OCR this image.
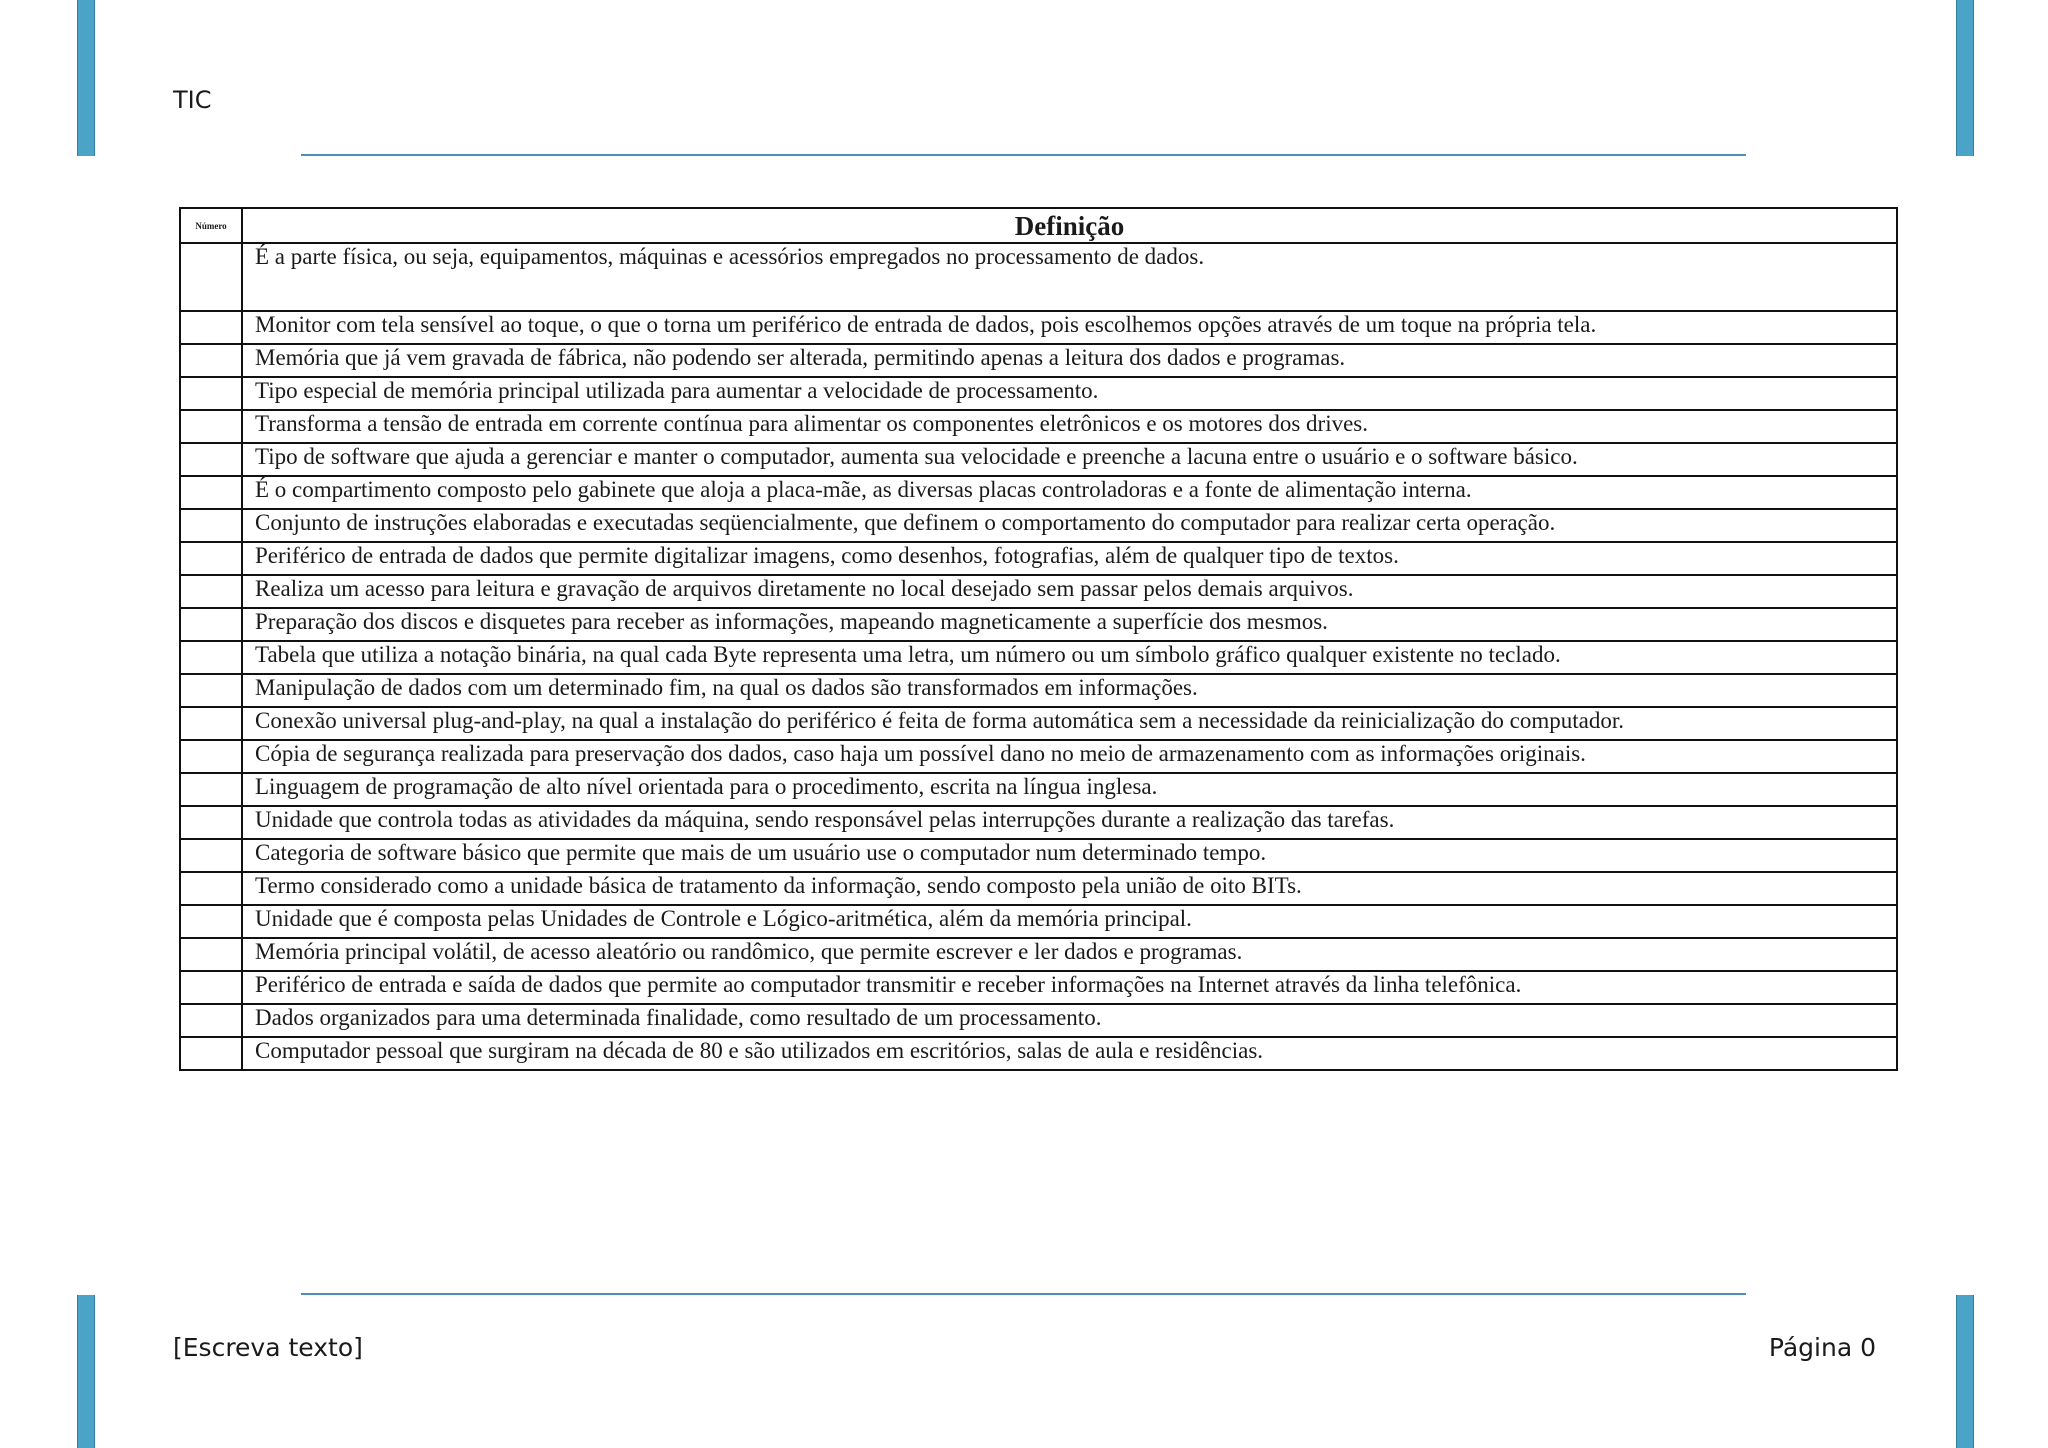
TIC
Número	Definição
	É a parte física, ou seja, equipamentos, máquinas e acessórios empregados no processamento de dados.
	Monitor com tela sensível ao toque, o que o torna um periférico de entrada de dados, pois escolhemos opções através de um toque na própria tela.
	Memória que já vem gravada de fábrica, não podendo ser alterada, permitindo apenas a leitura dos dados e programas.
	Tipo especial de memória principal utilizada para aumentar a velocidade de processamento.
	Transforma a tensão de entrada em corrente contínua para alimentar os componentes eletrônicos e os motores dos drives.
	Tipo de software que ajuda a gerenciar e manter o computador, aumenta sua velocidade e preenche a lacuna entre o usuário e o software básico.
	É o compartimento composto pelo gabinete que aloja a placa-mãe, as diversas placas controladoras e a fonte de alimentação interna.
	Conjunto de instruções elaboradas e executadas seqüencialmente, que definem o comportamento do computador para realizar certa operação.
	Periférico de entrada de dados que permite digitalizar imagens, como desenhos, fotografias, além de qualquer tipo de textos.
	Realiza um acesso para leitura e gravação de arquivos diretamente no local desejado sem passar pelos demais arquivos.
	Preparação dos discos e disquetes para receber as informações, mapeando magneticamente a superfície dos mesmos.
	Tabela que utiliza a notação binária, na qual cada Byte representa uma letra, um número ou um símbolo gráfico qualquer existente no teclado.
	Manipulação de dados com um determinado fim, na qual os dados são transformados em informações.
	Conexão universal plug-and-play, na qual a instalação do periférico é feita de forma automática sem a necessidade da reinicialização do computador.
	Cópia de segurança realizada para preservação dos dados, caso haja um possível dano no meio de armazenamento com as informações originais.
	Linguagem de programação de alto nível orientada para o procedimento, escrita na língua inglesa.
	Unidade que controla todas as atividades da máquina, sendo responsável pelas interrupções durante a realização das tarefas.
	Categoria de software básico que permite que mais de um usuário use o computador num determinado tempo.
	Termo considerado como a unidade básica de tratamento da informação, sendo composto pela união de oito BITs.
	Unidade que é composta pelas Unidades de Controle e Lógico-aritmética, além da memória principal.
	Memória principal volátil, de acesso aleatório ou randômico, que permite escrever e ler dados e programas.
	Periférico de entrada e saída de dados que permite ao computador transmitir e receber informações na Internet através da linha telefônica.
	Dados organizados para uma determinada finalidade, como resultado de um processamento.
	Computador pessoal que surgiram na década de 80 e são utilizados em escritórios, salas de aula e residências.
[Escreva texto]	Página 0
